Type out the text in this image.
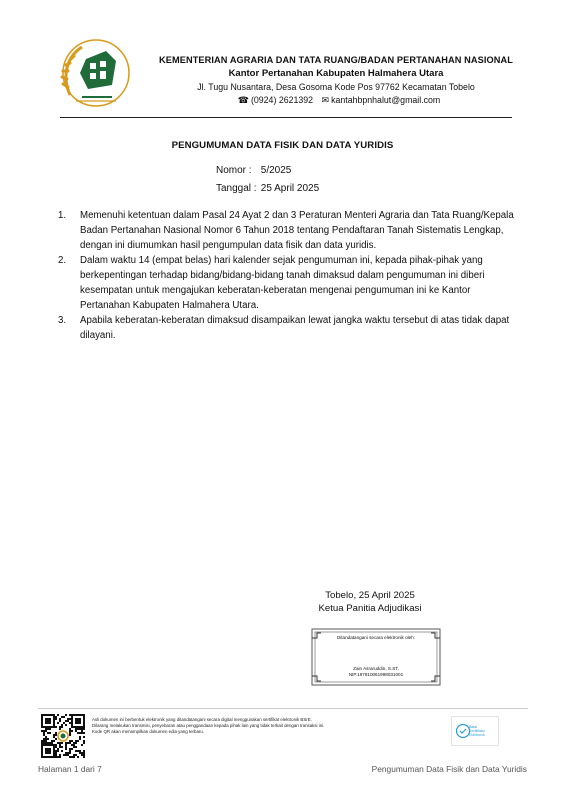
KEMENTERIAN AGRARIA DAN TATA RUANG/BADAN PERTANAHAN NASIONAL
Kantor Pertanahan Kabupaten Halmahera Utara
Jl. Tugu Nusantara, Desa Gosoma Kode Pos 97762 Kecamatan Tobelo
☎ (0924) 2621392 ✉ kantahbpnhalut@gmail.com
PENGUMUMAN DATA FISIK DAN DATA YURIDIS
Nomor : 5/2025
Tanggal : 25 April 2025
1.	Memenuhi ketentuan dalam Pasal 24 Ayat 2 dan 3 Peraturan Menteri Agraria dan Tata Ruang/Kepala Badan Pertanahan Nasional Nomor 6 Tahun 2018 tentang Pendaftaran Tanah Sistematis Lengkap, dengan ini diumumkan hasil pengumpulan data fisik dan data yuridis.
2.	Dalam waktu 14 (empat belas) hari kalender sejak pengumuman ini, kepada pihak-pihak yang berkepentingan terhadap bidang/bidang-bidang tanah dimaksud dalam pengumuman ini diberi kesempatan untuk mengajukan keberatan-keberatan mengenai pengumuman ini ke Kantor Pertanahan Kabupaten Halmahera Utara.
3.	Apabila keberatan-keberatan dimaksud disampaikan lewat jangka waktu tersebut di atas tidak dapat dilayani.
Tobelo, 25 April 2025
Ketua Panitia Adjudikasi
Ditandatangani secara elektronik oleh:
Zain Asraruddin, S.ST.
NIP.197810061998031001
Asli dokumen ini berbentuk elektronik yang ditandatangani secara digital menggunakan sertifikat elektronik BSrE.
Dilarang melakukan transmisi, penyebaran atau penggandaan kepada pihak lain yang tidak terkait dengan transaksi ini.
Kode QR akan menampilkan dokumen edia yang terbaru.
Balai
Sertifikasi
Elektronik
Halaman 1 dari 7	Pengumuman Data Fisik dan Data Yuridis
